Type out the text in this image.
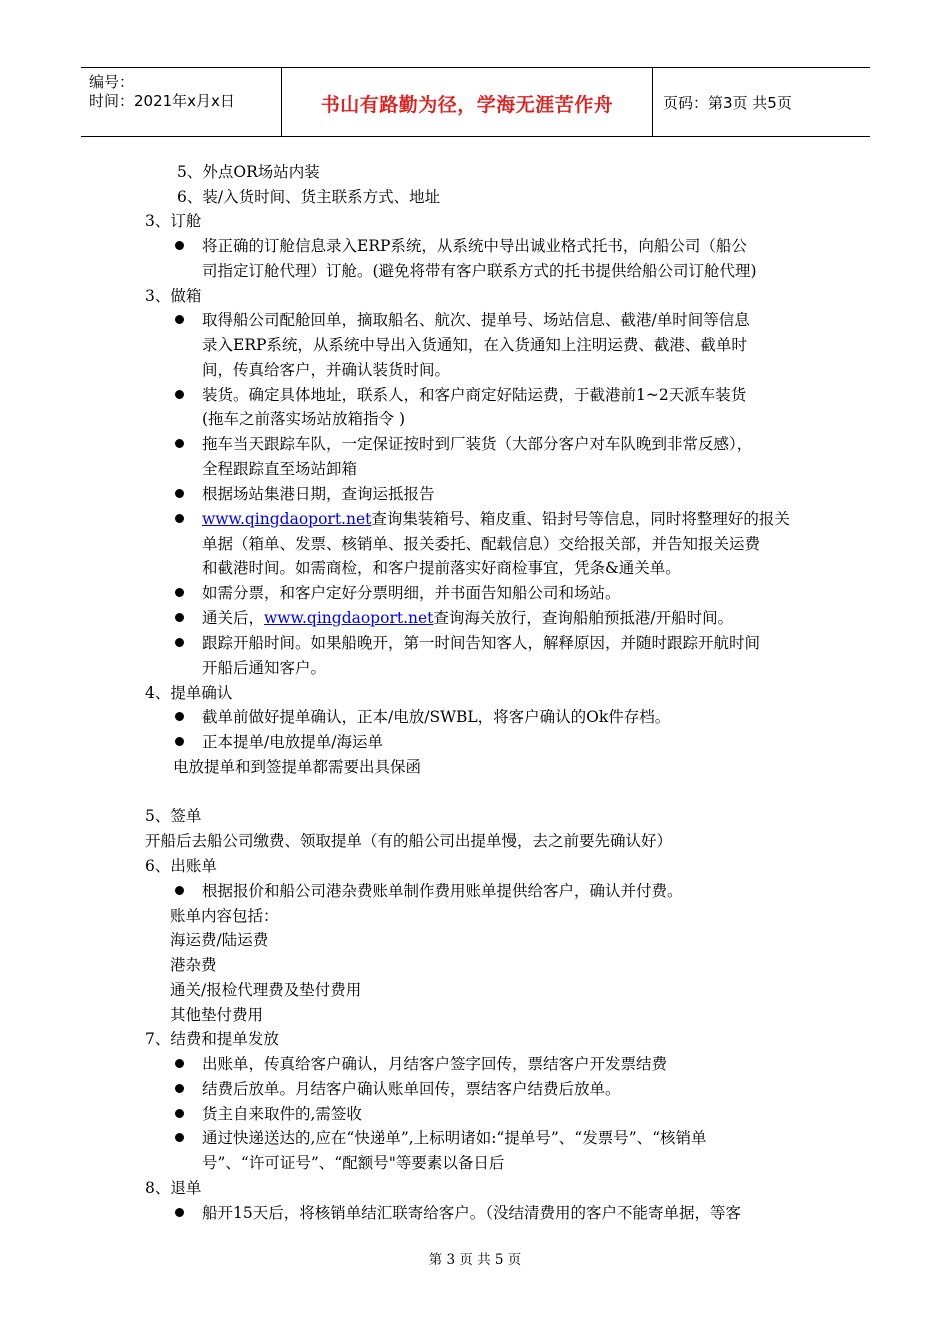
编号：
时间：2021年x月x日	书山有路勤为径，学海无涯苦作舟	页码：第3页 共5页
5、外点OR场站内装
6、装/入货时间、货主联系方式、地址
3、订舱
将正确的订舱信息录入ERP系统，从系统中导出诚业格式托书，向船公司（船公
司指定订舱代理）订舱。(避免将带有客户联系方式的托书提供给船公司订舱代理)
3、做箱
取得船公司配舱回单，摘取船名、航次、提单号、场站信息、截港/单时间等信息
录入ERP系统，从系统中导出入货通知，在入货通知上注明运费、截港、截单时
间，传真给客户，并确认装货时间。
装货。确定具体地址，联系人，和客户商定好陆运费，于截港前1~2天派车装货
(拖车之前落实场站放箱指令 )
拖车当天跟踪车队，一定保证按时到厂装货（大部分客户对车队晚到非常反感），
全程跟踪直至场站卸箱
根据场站集港日期，查询运抵报告
www.qingdaoport.net查询集装箱号、箱皮重、铅封号等信息，同时将整理好的报关
单据（箱单、发票、核销单、报关委托、配载信息）交给报关部，并告知报关运费
和截港时间。如需商检，和客户提前落实好商检事宜，凭条&通关单。
如需分票，和客户定好分票明细，并书面告知船公司和场站。
通关后，www.qingdaoport.net查询海关放行，查询船舶预抵港/开船时间。
跟踪开船时间。如果船晚开，第一时间告知客人，解释原因，并随时跟踪开航时间
开船后通知客户。
4、提单确认
截单前做好提单确认，正本/电放/SWBL，将客户确认的Ok件存档。
正本提单/电放提单/海运单
电放提单和到签提单都需要出具保函
5、签单
开船后去船公司缴费、领取提单（有的船公司出提单慢，去之前要先确认好）
6、出账单
根据报价和船公司港杂费账单制作费用账单提供给客户，确认并付费。
账单内容包括：
海运费/陆运费
港杂费
通关/报检代理费及垫付费用
其他垫付费用
7、结费和提单发放
出账单，传真给客户确认，月结客户签字回传，票结客户开发票结费
结费后放单。月结客户确认账单回传，票结客户结费后放单。
货主自来取件的,需签收
通过快递送达的,应在“快递单”,上标明诸如:“提单号”、“发票号”、“核销单
号”、“许可证号”、“配额号"等要素以备日后
8、退单
船开15天后，将核销单结汇联寄给客户。（没结清费用的客户不能寄单据，等客
第 3 页 共 5 页
